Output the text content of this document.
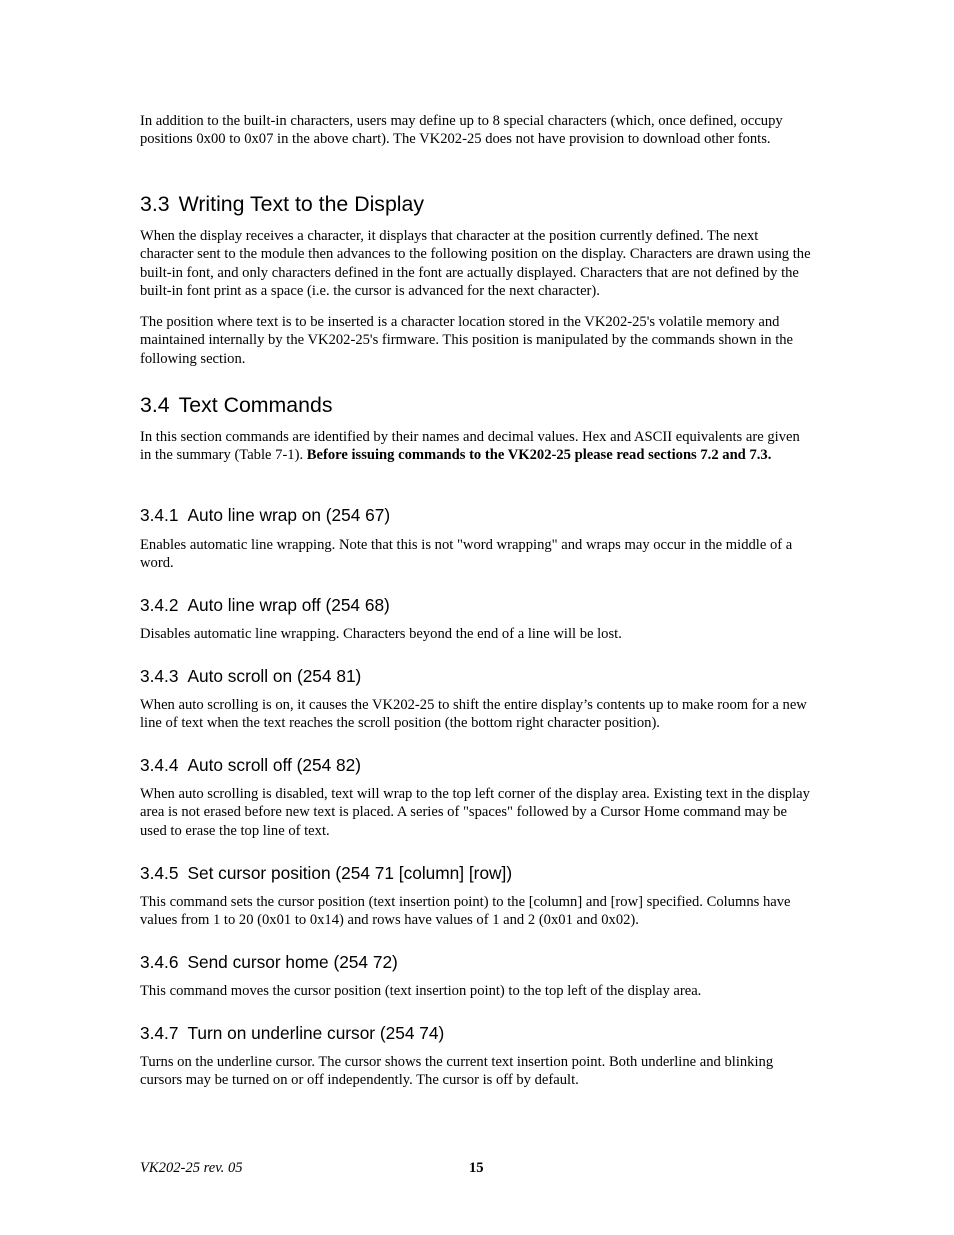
In addition to the built-in characters, users may define up to 8 special characters (which, once defined, occupy positions 0x00 to 0x07 in the above chart). The VK202-25 does not have provision to download other fonts.

3.3 Writing Text to the Display

When the display receives a character, it displays that character at the position currently defined. The next character sent to the module then advances to the following position on the display. Characters are drawn using the built-in font, and only characters defined in the font are actually displayed. Characters that are not defined by the built-in font print as a space (i.e. the cursor is advanced for the next character).

The position where text is to be inserted is a character location stored in the VK202-25's volatile memory and maintained internally by the VK202-25's firmware. This position is manipulated by the commands shown in the following section.

3.4 Text Commands

In this section commands are identified by their names and decimal values. Hex and ASCII equivalents are given in the summary (Table 7-1). Before issuing commands to the VK202-25 please read sections 7.2 and 7.3.

3.4.1 Auto line wrap on (254 67)

Enables automatic line wrapping. Note that this is not "word wrapping" and wraps may occur in the middle of a word.

3.4.2 Auto line wrap off (254 68)

Disables automatic line wrapping. Characters beyond the end of a line will be lost.

3.4.3 Auto scroll on (254 81)

When auto scrolling is on, it causes the VK202-25 to shift the entire display’s contents up to make room for a new line of text when the text reaches the scroll position (the bottom right character position).

3.4.4 Auto scroll off (254 82)

When auto scrolling is disabled, text will wrap to the top left corner of the display area. Existing text in the display area is not erased before new text is placed. A series of "spaces" followed by a Cursor Home command may be used to erase the top line of text.

3.4.5 Set cursor position (254 71 [column] [row])

This command sets the cursor position (text insertion point) to the [column] and [row] specified. Columns have values from 1 to 20 (0x01 to 0x14) and rows have values of 1 and 2 (0x01 and 0x02).

3.4.6 Send cursor home (254 72)

This command moves the cursor position (text insertion point) to the top left of the display area.

3.4.7 Turn on underline cursor (254 74)

Turns on the underline cursor. The cursor shows the current text insertion point. Both underline and blinking cursors may be turned on or off independently. The cursor is off by default.

VK202-25 rev. 05	15
